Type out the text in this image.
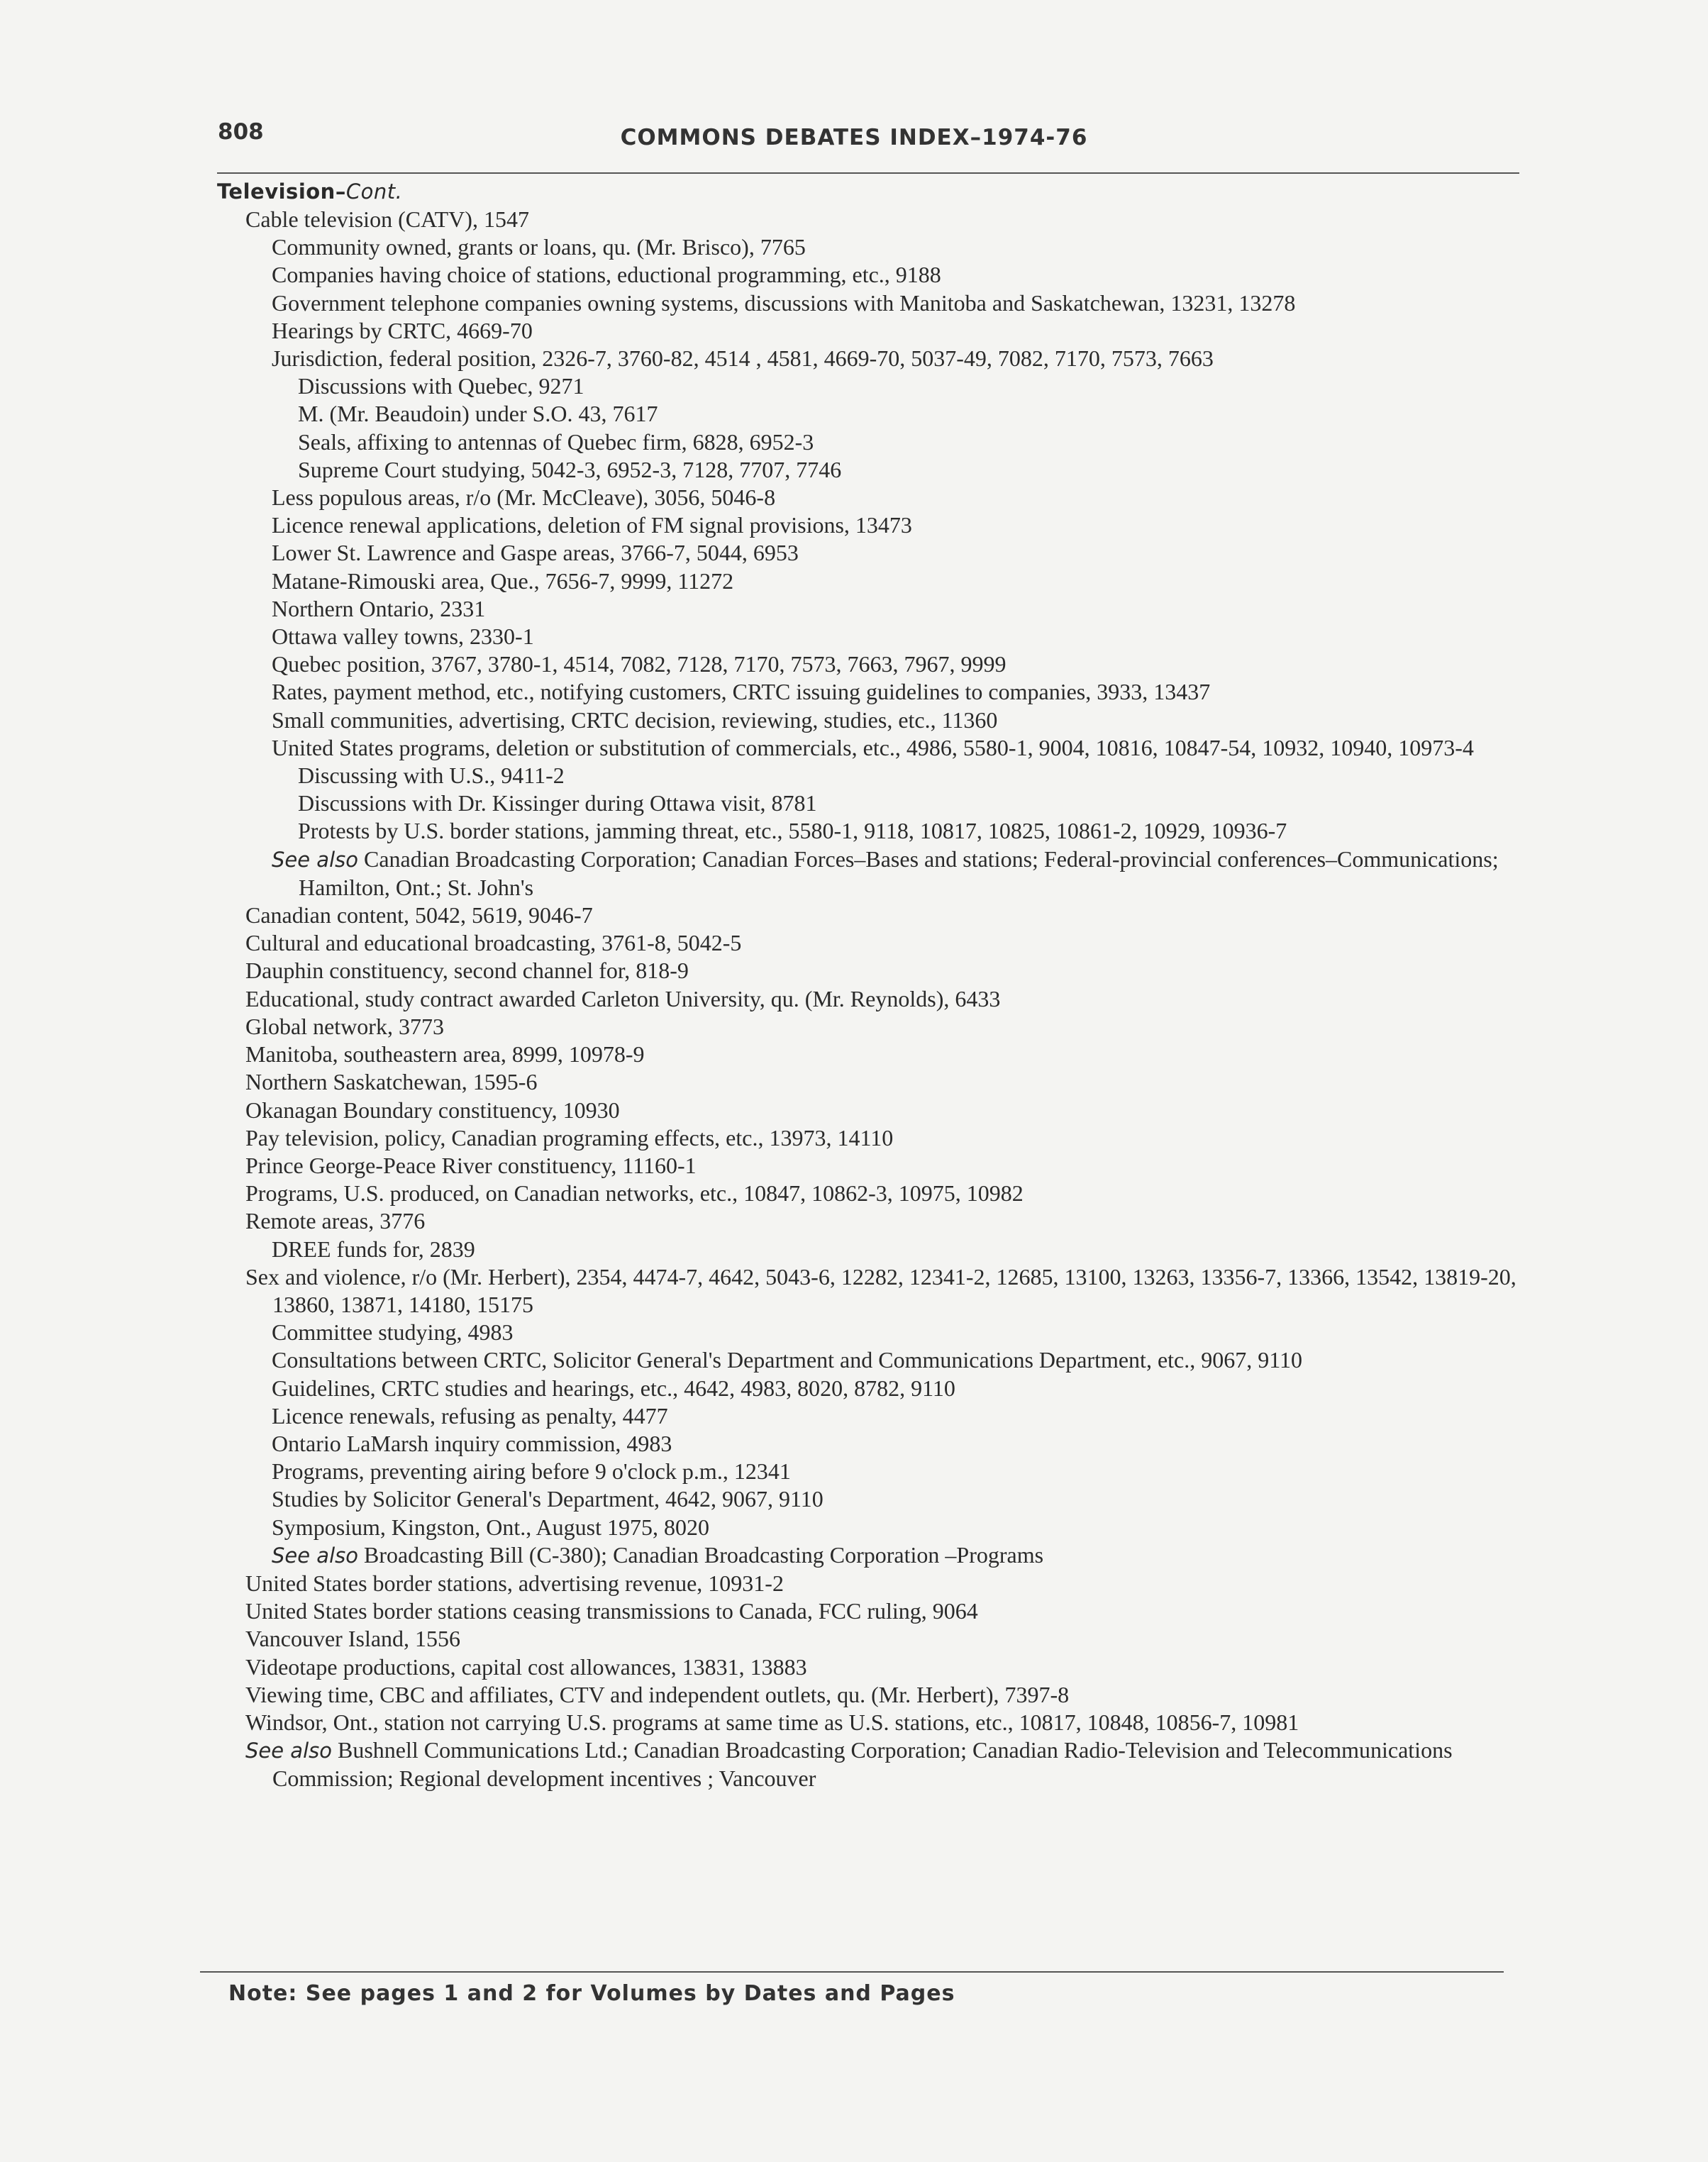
808	COMMONS DEBATES INDEX–1974-76
Television–Cont.
Cable television (CATV), 1547
Community owned, grants or loans, qu. (Mr. Brisco), 7765
Companies having choice of stations, eductional programming, etc., 9188
Government telephone companies owning systems, discussions with Manitoba and Saskatchewan, 13231, 13278
Hearings by CRTC, 4669-70
Jurisdiction, federal position, 2326-7, 3760-82, 4514 , 4581, 4669-70, 5037-49, 7082, 7170, 7573, 7663
Discussions with Quebec, 9271
M. (Mr. Beaudoin) under S.O. 43, 7617
Seals, affixing to antennas of Quebec firm, 6828, 6952-3
Supreme Court studying, 5042-3, 6952-3, 7128, 7707, 7746
Less populous areas, r/o (Mr. McCleave), 3056, 5046-8
Licence renewal applications, deletion of FM signal provisions, 13473
Lower St. Lawrence and Gaspe areas, 3766-7, 5044, 6953
Matane-Rimouski area, Que., 7656-7, 9999, 11272
Northern Ontario, 2331
Ottawa valley towns, 2330-1
Quebec position, 3767, 3780-1, 4514, 7082, 7128, 7170, 7573, 7663, 7967, 9999
Rates, payment method, etc., notifying customers, CRTC issuing guidelines to companies, 3933, 13437
Small communities, advertising, CRTC decision, reviewing, studies, etc., 11360
United States programs, deletion or substitution of commercials, etc., 4986, 5580-1, 9004, 10816, 10847-54, 10932, 10940, 10973-4
Discussing with U.S., 9411-2
Discussions with Dr. Kissinger during Ottawa visit, 8781
Protests by U.S. border stations, jamming threat, etc., 5580-1, 9118, 10817, 10825, 10861-2, 10929, 10936-7
See also Canadian Broadcasting Corporation; Canadian Forces–Bases and stations; Federal-provincial conferences–Communications; Hamilton, Ont.; St. John's
Canadian content, 5042, 5619, 9046-7
Cultural and educational broadcasting, 3761-8, 5042-5
Dauphin constituency, second channel for, 818-9
Educational, study contract awarded Carleton University, qu. (Mr. Reynolds), 6433
Global network, 3773
Manitoba, southeastern area, 8999, 10978-9
Northern Saskatchewan, 1595-6
Okanagan Boundary constituency, 10930
Pay television, policy, Canadian programing effects, etc., 13973, 14110
Prince George-Peace River constituency, 11160-1
Programs, U.S. produced, on Canadian networks, etc., 10847, 10862-3, 10975, 10982
Remote areas, 3776
DREE funds for, 2839
Sex and violence, r/o (Mr. Herbert), 2354, 4474-7, 4642, 5043-6, 12282, 12341-2, 12685, 13100, 13263, 13356-7, 13366, 13542, 13819-20, 13860, 13871, 14180, 15175
Committee studying, 4983
Consultations between CRTC, Solicitor General's Department and Communications Department, etc., 9067, 9110
Guidelines, CRTC studies and hearings, etc., 4642, 4983, 8020, 8782, 9110
Licence renewals, refusing as penalty, 4477
Ontario LaMarsh inquiry commission, 4983
Programs, preventing airing before 9 o'clock p.m., 12341
Studies by Solicitor General's Department, 4642, 9067, 9110
Symposium, Kingston, Ont., August 1975, 8020
See also Broadcasting Bill (C-380); Canadian Broadcasting Corporation –Programs
United States border stations, advertising revenue, 10931-2
United States border stations ceasing transmissions to Canada, FCC ruling, 9064
Vancouver Island, 1556
Videotape productions, capital cost allowances, 13831, 13883
Viewing time, CBC and affiliates, CTV and independent outlets, qu. (Mr. Herbert), 7397-8
Windsor, Ont., station not carrying U.S. programs at same time as U.S. stations, etc., 10817, 10848, 10856-7, 10981
See also Bushnell Communications Ltd.; Canadian Broadcasting Corporation; Canadian Radio-Television and Telecommunications Commission; Regional development incentives ; Vancouver
Note: See pages 1 and 2 for Volumes by Dates and Pages
